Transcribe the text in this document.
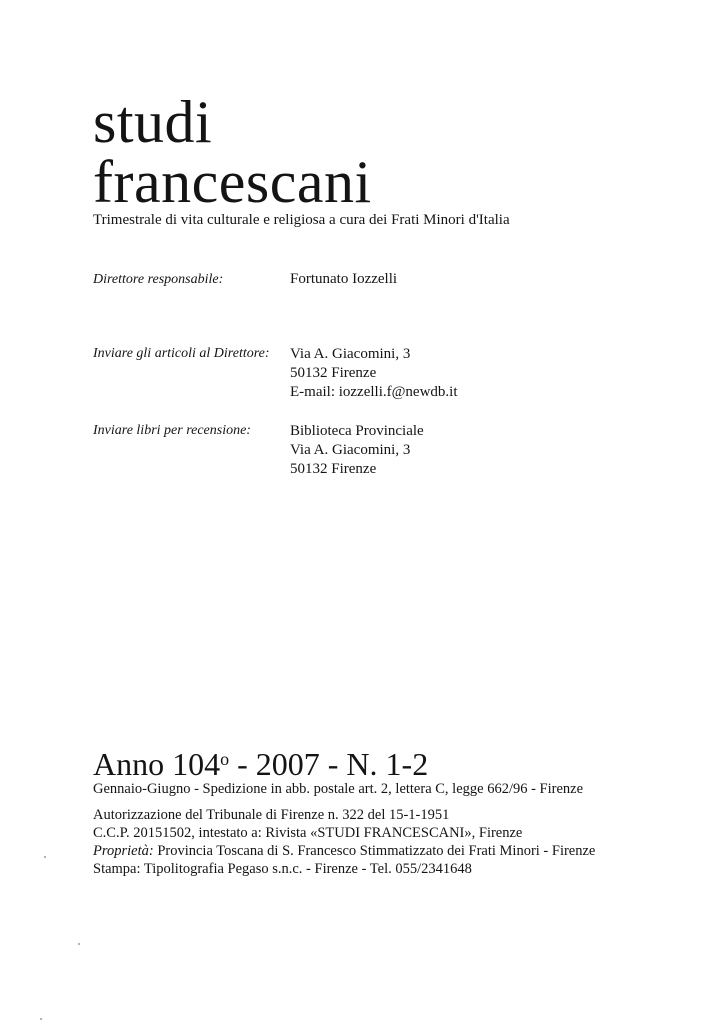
studi
francescani
Trimestrale di vita culturale e religiosa a cura dei Frati Minori d'Italia
Direttore responsabile:	Fortunato Iozzelli
Inviare gli articoli al Direttore: Via A. Giacomini, 3
50132 Firenze
E-mail: iozzelli.f@newdb.it
Inviare libri per recensione:	Biblioteca Provinciale
Via A. Giacomini, 3
50132 Firenze
Anno 104$^o$ - 2007 - N. 1-2
Gennaio-Giugno - Spedizione in abb. postale art. 2, lettera C, legge 662/96 - Firenze
Autorizzazione del Tribunale di Firenze n. 322 del 15-1-1951
C.C.P. 20151502, intestato a: Rivista «STUDI FRANCESCANI», Firenze
Proprietà: Provincia Toscana di S. Francesco Stimmatizzato dei Frati Minori - Firenze
Stampa: Tipolitografia Pegaso s.n.c. - Firenze - Tel. 055/2341648
